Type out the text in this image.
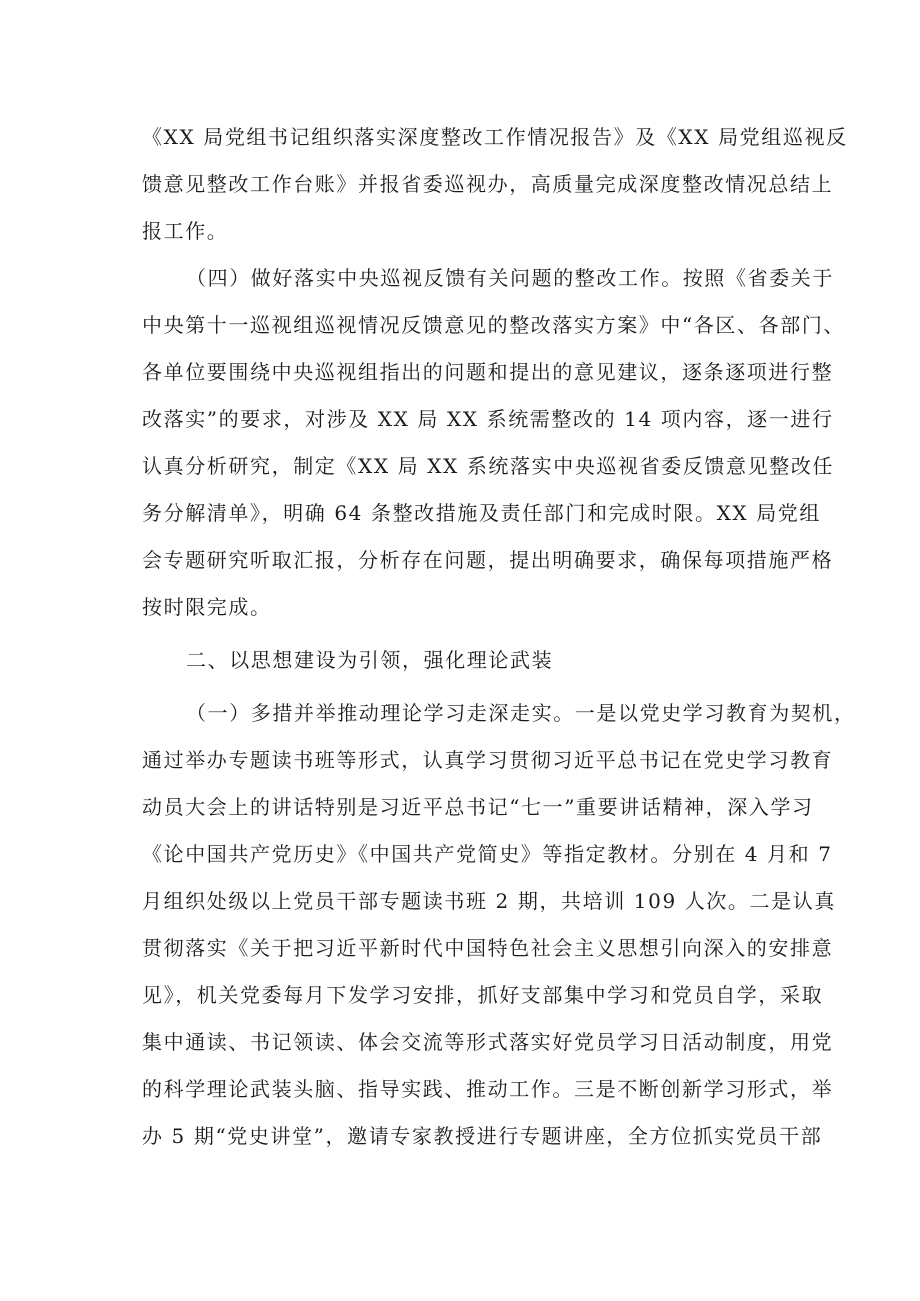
《XX 局党组书记组织落实深度整改工作情况报告》及《XX 局党组巡视反
馈意见整改工作台账》并报省委巡视办，高质量完成深度整改情况总结上
报工作。
（四）做好落实中央巡视反馈有关问题的整改工作。按照《省委关于
中央第十一巡视组巡视情况反馈意见的整改落实方案》中“各区、各部门、
各单位要围绕中央巡视组指出的问题和提出的意见建议，逐条逐项进行整
改落实”的要求，对涉及 XX 局 XX 系统需整改的 14 项内容，逐一进行
认真分析研究，制定《XX 局 XX 系统落实中央巡视省委反馈意见整改任
务分解清单》，明确 64 条整改措施及责任部门和完成时限。XX 局党组
会专题研究听取汇报，分析存在问题，提出明确要求，确保每项措施严格
按时限完成。
二、以思想建设为引领，强化理论武装
（一）多措并举推动理论学习走深走实。一是以党史学习教育为契机，
通过举办专题读书班等形式，认真学习贯彻习近平总书记在党史学习教育
动员大会上的讲话特别是习近平总书记“七一”重要讲话精神，深入学习
《论中国共产党历史》《中国共产党简史》等指定教材。分别在 4 月和 7
月组织处级以上党员干部专题读书班 2 期，共培训 109 人次。二是认真
贯彻落实《关于把习近平新时代中国特色社会主义思想引向深入的安排意
见》，机关党委每月下发学习安排，抓好支部集中学习和党员自学，采取
集中通读、书记领读、体会交流等形式落实好党员学习日活动制度，用党
的科学理论武装头脑、指导实践、推动工作。三是不断创新学习形式，举
办 5 期“党史讲堂”，邀请专家教授进行专题讲座，全方位抓实党员干部
